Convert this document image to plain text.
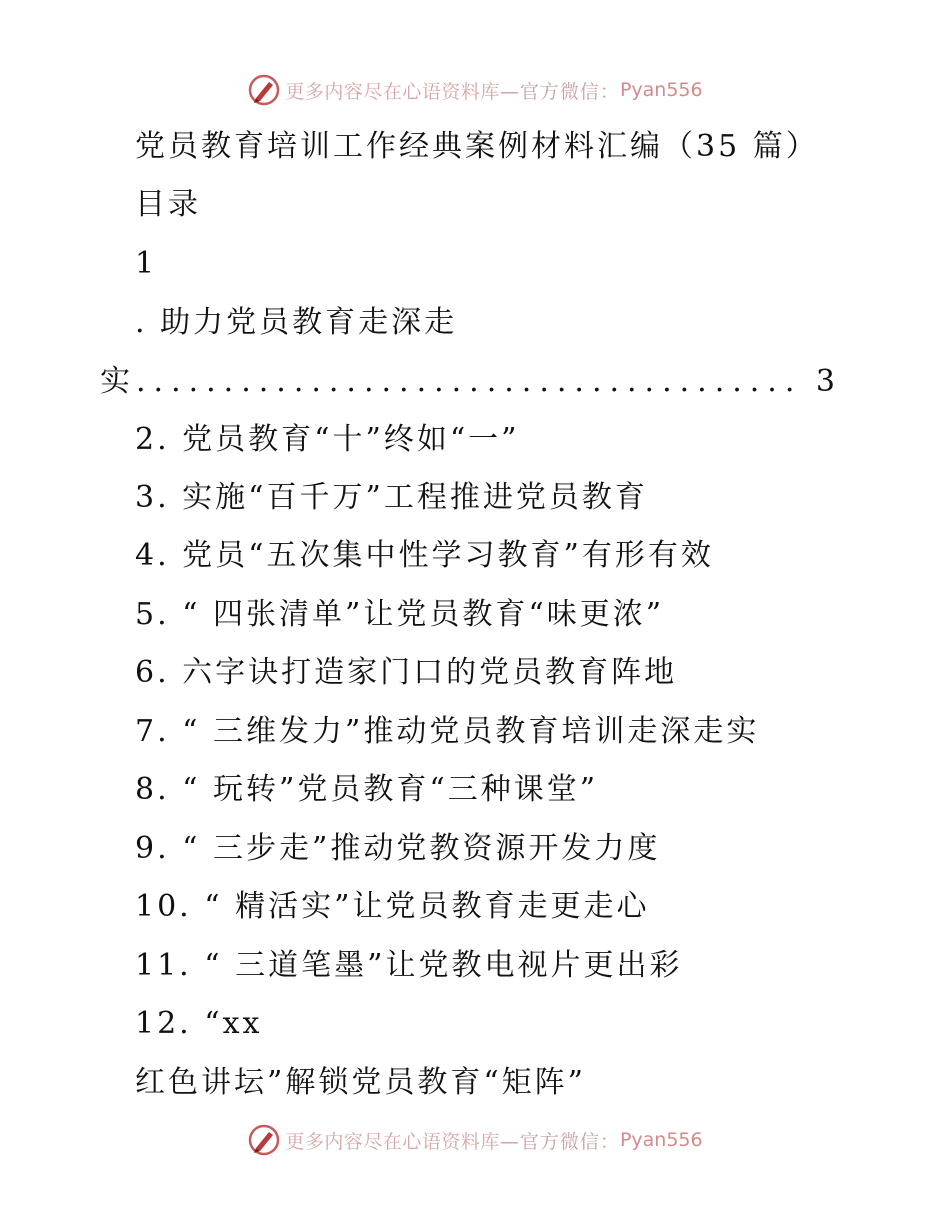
更多内容尽在心语资料库 —官方微信： Pyan556
党员教育培训工作经典案例材料汇编（35 篇）
目录
1
. 助力党员教育走深走
实 ...................................... 3
2. 党员教育“十”终如“一”
3. 实施“百千万”工程推进党员教育
4. 党员“五次集中性学习教育”有形有效
5. “ 四张清单”让党员教育“味更浓”
6. 六字诀打造家门口的党员教育阵地
7. “ 三维发力”推动党员教育培训走深走实
8. “ 玩转”党员教育“三种课堂”
9. “ 三步走”推动党教资源开发力度
10. “ 精活实”让党员教育走更走心
11. “ 三道笔墨”让党教电视片更出彩
12. “xx
红色讲坛”解锁党员教育“矩阵”
更多内容尽在心语资料库 —官方微信： Pyan556
